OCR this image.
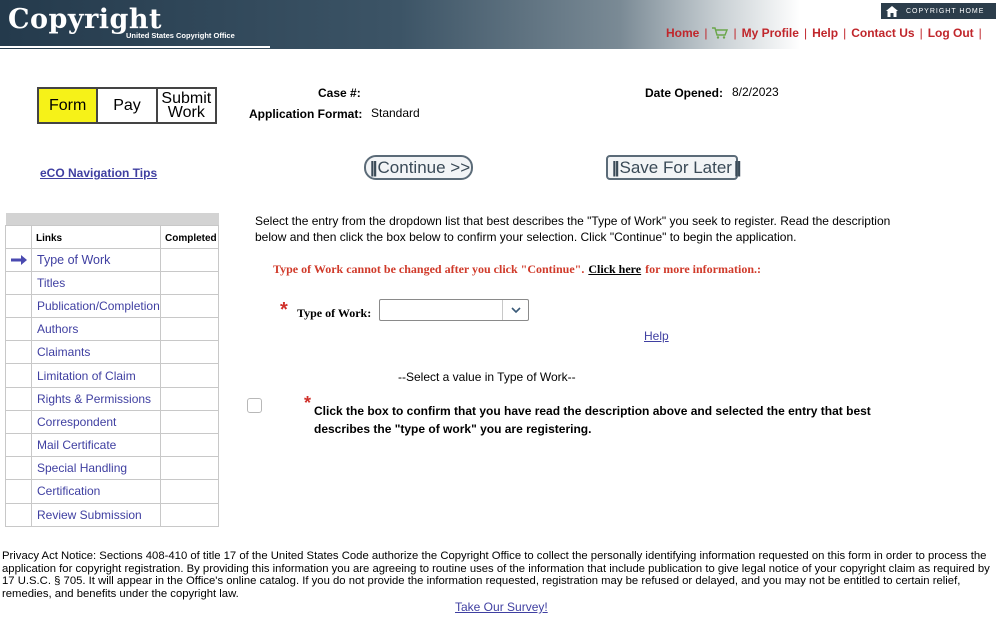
Copyright
United States Copyright Office
COPYRIGHT HOME
Home | | My Profile | Help | Contact Us | Log Out |
Form	Pay	Submit Work
eCO Navigation Tips

	Links	Completed
	Type of Work	
	Titles	
	Publication/Completion	
	Authors	
	Claimants	
	Limitation of Claim	
	Rights & Permissions	
	Correspondent	
	Mail Certificate	
	Special Handling	
	Certification	
	Review Submission	
Case #:	Date Opened: 8/2/2023
Application Format: Standard
|| Continue >>	|| Save For Later ||
Select the entry from the dropdown list that best describes the "Type of Work" you seek to register. Read the description below and then click the box below to confirm your selection. Click "Continue" to begin the application.
Type of Work cannot be changed after you click "Continue". Click here for more information.:
* Type of Work:
Help
--Select a value in Type of Work--
* Click the box to confirm that you have read the description above and selected the entry that best describes the "type of work" you are registering.
Privacy Act Notice: Sections 408-410 of title 17 of the United States Code authorize the Copyright Office to collect the personally identifying information requested on this form in order to process the application for copyright registration. By providing this information you are agreeing to routine uses of the information that include publication to give legal notice of your copyright claim as required by 17 U.S.C. § 705. It will appear in the Office's online catalog. If you do not provide the information requested, registration may be refused or delayed, and you may not be entitled to certain relief, remedies, and benefits under the copyright law.
Take Our Survey!
